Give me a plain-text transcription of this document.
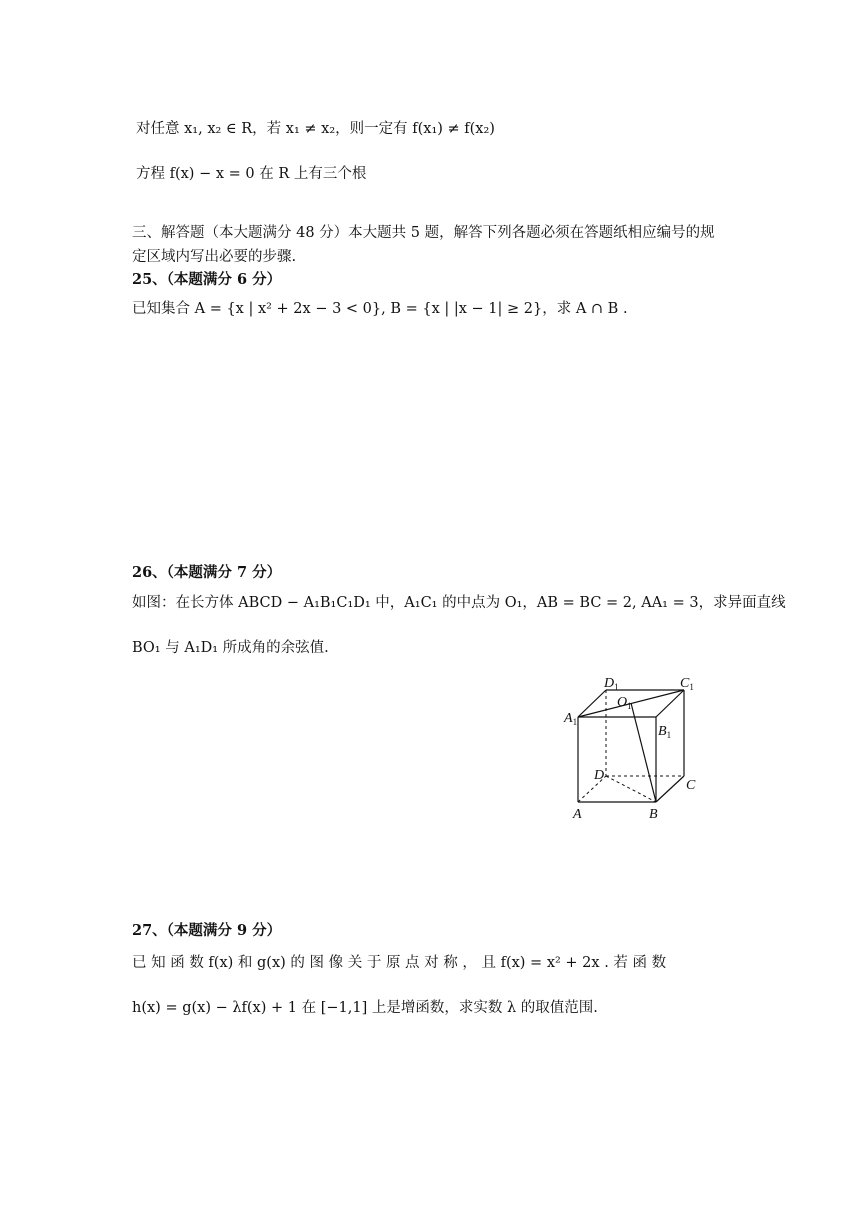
对任意 x₁, x₂ ∈ R，若 x₁ ≠ x₂，则一定有 f(x₁) ≠ f(x₂)
方程 f(x) − x = 0 在 R 上有三个根
三、解答题（本大题满分 48 分）本大题共 5 题，解答下列各题必须在答题纸相应编号的规
定区域内写出必要的步骤.
25、（本题满分 6 分）
已知集合 A = {x | x² + 2x − 3 < 0}, B = {x | |x − 1| ≥ 2}，求 A ∩ B .
26、（本题满分 7 分）
如图：在长方体 ABCD − A₁B₁C₁D₁ 中，A₁C₁ 的中点为 O₁，AB = BC = 2, AA₁ = 3，求异面直线
BO₁ 与 A₁D₁ 所成角的余弦值.
$D_1$	$C_1$
$O_1$
$A_1$
$B_1$
D
C
A	B
27、（本题满分 9 分）
已 知 函 数 f(x) 和 g(x) 的 图 像 关 于 原 点 对 称 ， 且 f(x) = x² + 2x . 若 函 数
h(x) = g(x) − λf(x) + 1 在 [−1,1] 上是增函数，求实数 λ 的取值范围.
